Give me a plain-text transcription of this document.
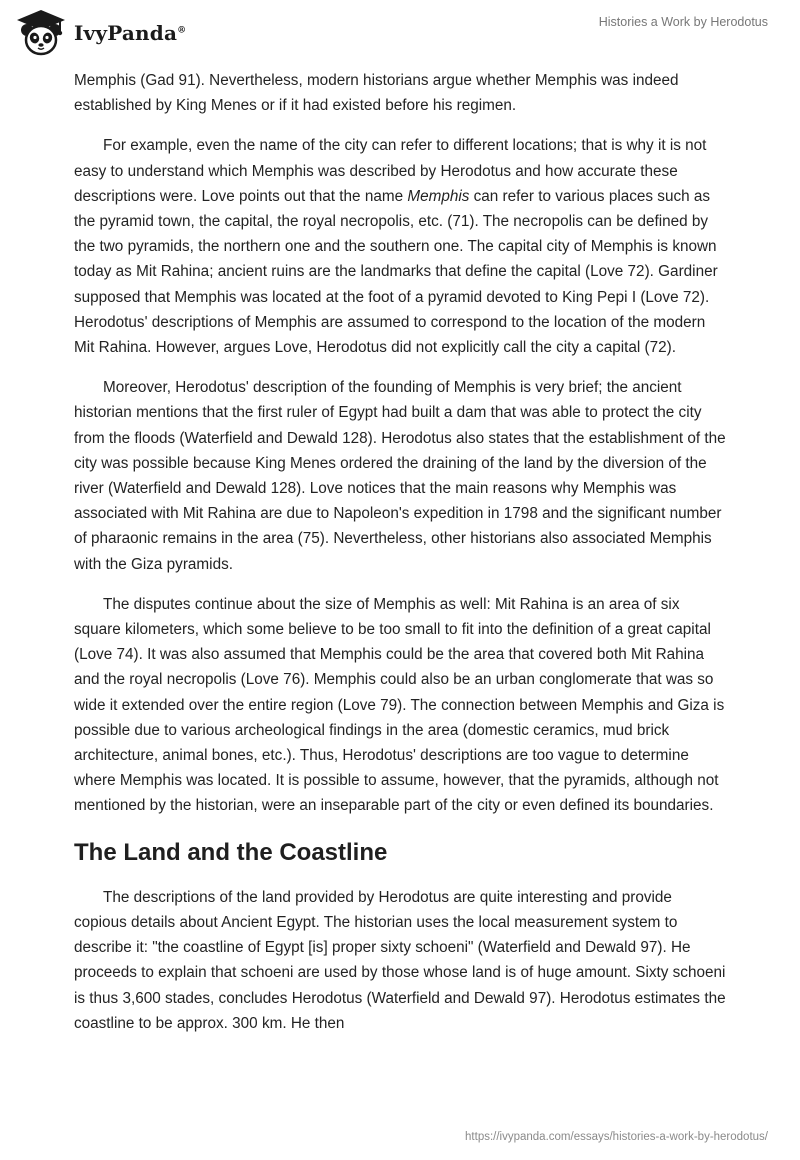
IvyPanda®
Histories a Work by Herodotus

Memphis (Gad 91). Nevertheless, modern historians argue whether Memphis was indeed established by King Menes or if it had existed before his regimen.

For example, even the name of the city can refer to different locations; that is why it is not easy to understand which Memphis was described by Herodotus and how accurate these descriptions were. Love points out that the name Memphis can refer to various places such as the pyramid town, the capital, the royal necropolis, etc. (71). The necropolis can be defined by the two pyramids, the northern one and the southern one. The capital city of Memphis is known today as Mit Rahina; ancient ruins are the landmarks that define the capital (Love 72). Gardiner supposed that Memphis was located at the foot of a pyramid devoted to King Pepi I (Love 72). Herodotus' descriptions of Memphis are assumed to correspond to the location of the modern Mit Rahina. However, argues Love, Herodotus did not explicitly call the city a capital (72).

Moreover, Herodotus' description of the founding of Memphis is very brief; the ancient historian mentions that the first ruler of Egypt had built a dam that was able to protect the city from the floods (Waterfield and Dewald 128). Herodotus also states that the establishment of the city was possible because King Menes ordered the draining of the land by the diversion of the river (Waterfield and Dewald 128). Love notices that the main reasons why Memphis was associated with Mit Rahina are due to Napoleon's expedition in 1798 and the significant number of pharaonic remains in the area (75). Nevertheless, other historians also associated Memphis with the Giza pyramids.

The disputes continue about the size of Memphis as well: Mit Rahina is an area of six square kilometers, which some believe to be too small to fit into the definition of a great capital (Love 74). It was also assumed that Memphis could be the area that covered both Mit Rahina and the royal necropolis (Love 76). Memphis could also be an urban conglomerate that was so wide it extended over the entire region (Love 79). The connection between Memphis and Giza is possible due to various archeological findings in the area (domestic ceramics, mud brick architecture, animal bones, etc.). Thus, Herodotus' descriptions are too vague to determine where Memphis was located. It is possible to assume, however, that the pyramids, although not mentioned by the historian, were an inseparable part of the city or even defined its boundaries.

The Land and the Coastline

The descriptions of the land provided by Herodotus are quite interesting and provide copious details about Ancient Egypt. The historian uses the local measurement system to describe it: "the coastline of Egypt [is] proper sixty schoeni" (Waterfield and Dewald 97). He proceeds to explain that schoeni are used by those whose land is of huge amount. Sixty schoeni is thus 3,600 stades, concludes Herodotus (Waterfield and Dewald 97). Herodotus estimates the coastline to be approx. 300 km. He then

https://ivypanda.com/essays/histories-a-work-by-herodotus/
